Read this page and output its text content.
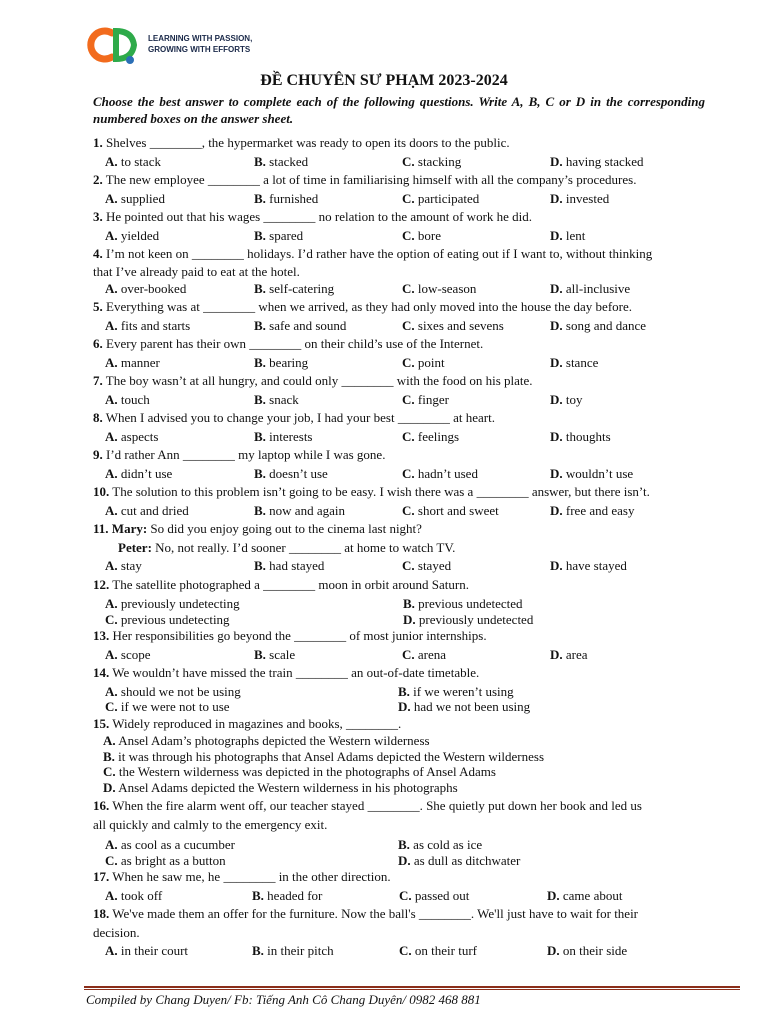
LEARNING WITH PASSION,
GROWING WITH EFFORTS
ĐỀ CHUYÊN SƯ PHẠM 2023-2024
Choose the best answer to complete each of the following questions. Write A, B, C or D in the corresponding numbered boxes on the answer sheet.
1. Shelves ________, the hypermarket was ready to open its doors to the public.
A. to stack	B. stacked	C. stacking	D. having stacked
2. The new employee ________ a lot of time in familiarising himself with all the company’s procedures.
A. supplied	B. furnished	C. participated	D. invested
3. He pointed out that his wages ________ no relation to the amount of work he did.
A. yielded	B. spared	C. bore	D. lent
4. I’m not keen on ________ holidays. I’d rather have the option of eating out if I want to, without thinking
that I’ve already paid to eat at the hotel.
A. over-booked	B. self-catering	C. low-season	D. all-inclusive
5. Everything was at ________ when we arrived, as they had only moved into the house the day before.
A. fits and starts	B. safe and sound	C. sixes and sevens	D. song and dance
6. Every parent has their own ________ on their child’s use of the Internet.
A. manner	B. bearing	C. point	D. stance
7. The boy wasn’t at all hungry, and could only ________ with the food on his plate.
A. touch	B. snack	C. finger	D. toy
8. When I advised you to change your job, I had your best ________ at heart.
A. aspects	B. interests	C. feelings	D. thoughts
9. I’d rather Ann ________ my laptop while I was gone.
A. didn’t use	B. doesn’t use	C. hadn’t used	D. wouldn’t use
10. The solution to this problem isn’t going to be easy. I wish there was a ________ answer, but there isn’t.
A. cut and dried	B. now and again	C. short and sweet	D. free and easy
11. Mary: So did you enjoy going out to the cinema last night?
Peter: No, not really. I’d sooner ________ at home to watch TV.
A. stay	B. had stayed	C. stayed	D. have stayed
12. The satellite photographed a ________ moon in orbit around Saturn.
A. previously undetecting	B. previous undetected
C. previous undetecting	D. previously undetected
13. Her responsibilities go beyond the ________ of most junior internships.
A. scope	B. scale	C. arena	D. area
14. We wouldn’t have missed the train ________ an out-of-date timetable.
A. should we not be using	B. if we weren’t using
C. if we were not to use	D. had we not been using
15. Widely reproduced in magazines and books, ________.
A. Ansel Adam’s photographs depicted the Western wilderness
B. it was through his photographs that Ansel Adams depicted the Western wilderness
C. the Western wilderness was depicted in the photographs of Ansel Adams
D. Ansel Adams depicted the Western wilderness in his photographs
16. When the fire alarm went off, our teacher stayed ________. She quietly put down her book and led us
all quickly and calmly to the emergency exit.
A. as cool as a cucumber	B. as cold as ice
C. as bright as a button	D. as dull as ditchwater
17. When he saw me, he ________ in the other direction.
A. took off	B. headed for	C. passed out	D. came about
18. We've made them an offer for the furniture. Now the ball's ________. We'll just have to wait for their
decision.
A. in their court	B. in their pitch	C. on their turf	D. on their side
Compiled by Chang Duyen/ Fb: Tiếng Anh Cô Chang Duyên/ 0982 468 881
